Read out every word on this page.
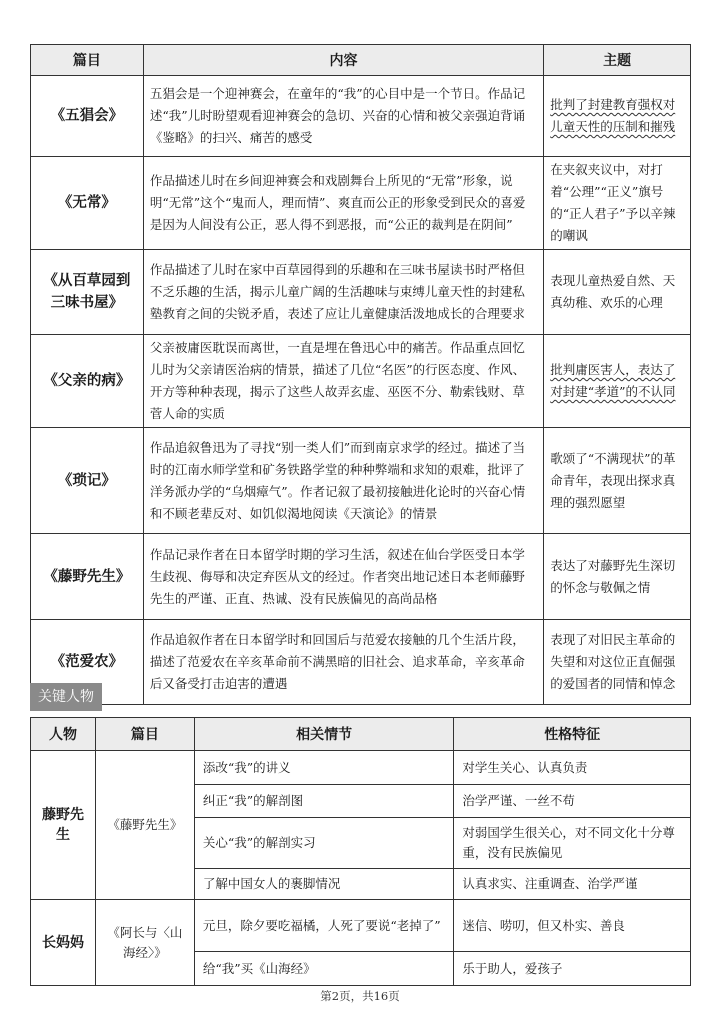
篇目	内容	主题
《五猖会》	五猖会是一个迎神赛会，在童年的“我”的心目中是一个节日。作品记述“我”儿时盼望观看迎神赛会的急切、兴奋的心情和被父亲强迫背诵《鉴略》的扫兴、痛苦的感受	批判了封建教育强权对儿童天性的压制和摧残
《无常》	作品描述儿时在乡间迎神赛会和戏剧舞台上所见的“无常”形象，说明“无常”这个“鬼而人，理而情”、爽直而公正的形象受到民众的喜爱是因为人间没有公正，恶人得不到恶报，而“公正的裁判是在阴间”	在夹叙夹议中，对打着“公理”“正义”旗号的“正人君子”予以辛辣的嘲讽
《从百草园到三味书屋》	作品描述了儿时在家中百草园得到的乐趣和在三味书屋读书时严格但不乏乐趣的生活，揭示儿童广阔的生活趣味与束缚儿童天性的封建私塾教育之间的尖锐矛盾，表述了应让儿童健康活泼地成长的合理要求	表现儿童热爱自然、天真幼稚、欢乐的心理
《父亲的病》	父亲被庸医耽误而离世，一直是埋在鲁迅心中的痛苦。作品重点回忆儿时为父亲请医治病的情景，描述了几位“名医”的行医态度、作风、开方等种种表现，揭示了这些人故弄玄虚、巫医不分、勒索钱财、草菅人命的实质	批判庸医害人，表达了对封建“孝道”的不认同
《琐记》	作品追叙鲁迅为了寻找“别一类人们”而到南京求学的经过。描述了当时的江南水师学堂和矿务铁路学堂的种种弊端和求知的艰难，批评了洋务派办学的“乌烟瘴气”。作者记叙了最初接触进化论时的兴奋心情和不顾老辈反对、如饥似渴地阅读《天演论》的情景	歌颂了“不满现状”的革命青年，表现出探求真理的强烈愿望
《藤野先生》	作品记录作者在日本留学时期的学习生活，叙述在仙台学医受日本学生歧视、侮辱和决定弃医从文的经过。作者突出地记述日本老师藤野先生的严谨、正直、热诚、没有民族偏见的高尚品格	表达了对藤野先生深切的怀念与敬佩之情
《范爱农》	作品追叙作者在日本留学时和回国后与范爱农接触的几个生活片段，描述了范爱农在辛亥革命前不满黑暗的旧社会、追求革命，辛亥革命后又备受打击迫害的遭遇	表现了对旧民主革命的失望和对这位正直倔强的爱国者的同情和悼念
关键人物
人物	篇目	相关情节	性格特征
藤野先生	《藤野先生》	添改“我”的讲义	对学生关心、认真负责
		纠正“我”的解剖图	治学严谨、一丝不苟
		关心“我”的解剖实习	对弱国学生很关心，对不同文化十分尊重，没有民族偏见
		了解中国女人的裹脚情况	认真求实、注重调查、治学严谨
长妈妈	《阿长与〈山海经〉》	元旦，除夕要吃福橘，人死了要说“老掉了”	迷信、唠叨，但又朴实、善良
		给“我”买《山海经》	乐于助人，爱孩子
第2页，共16页
